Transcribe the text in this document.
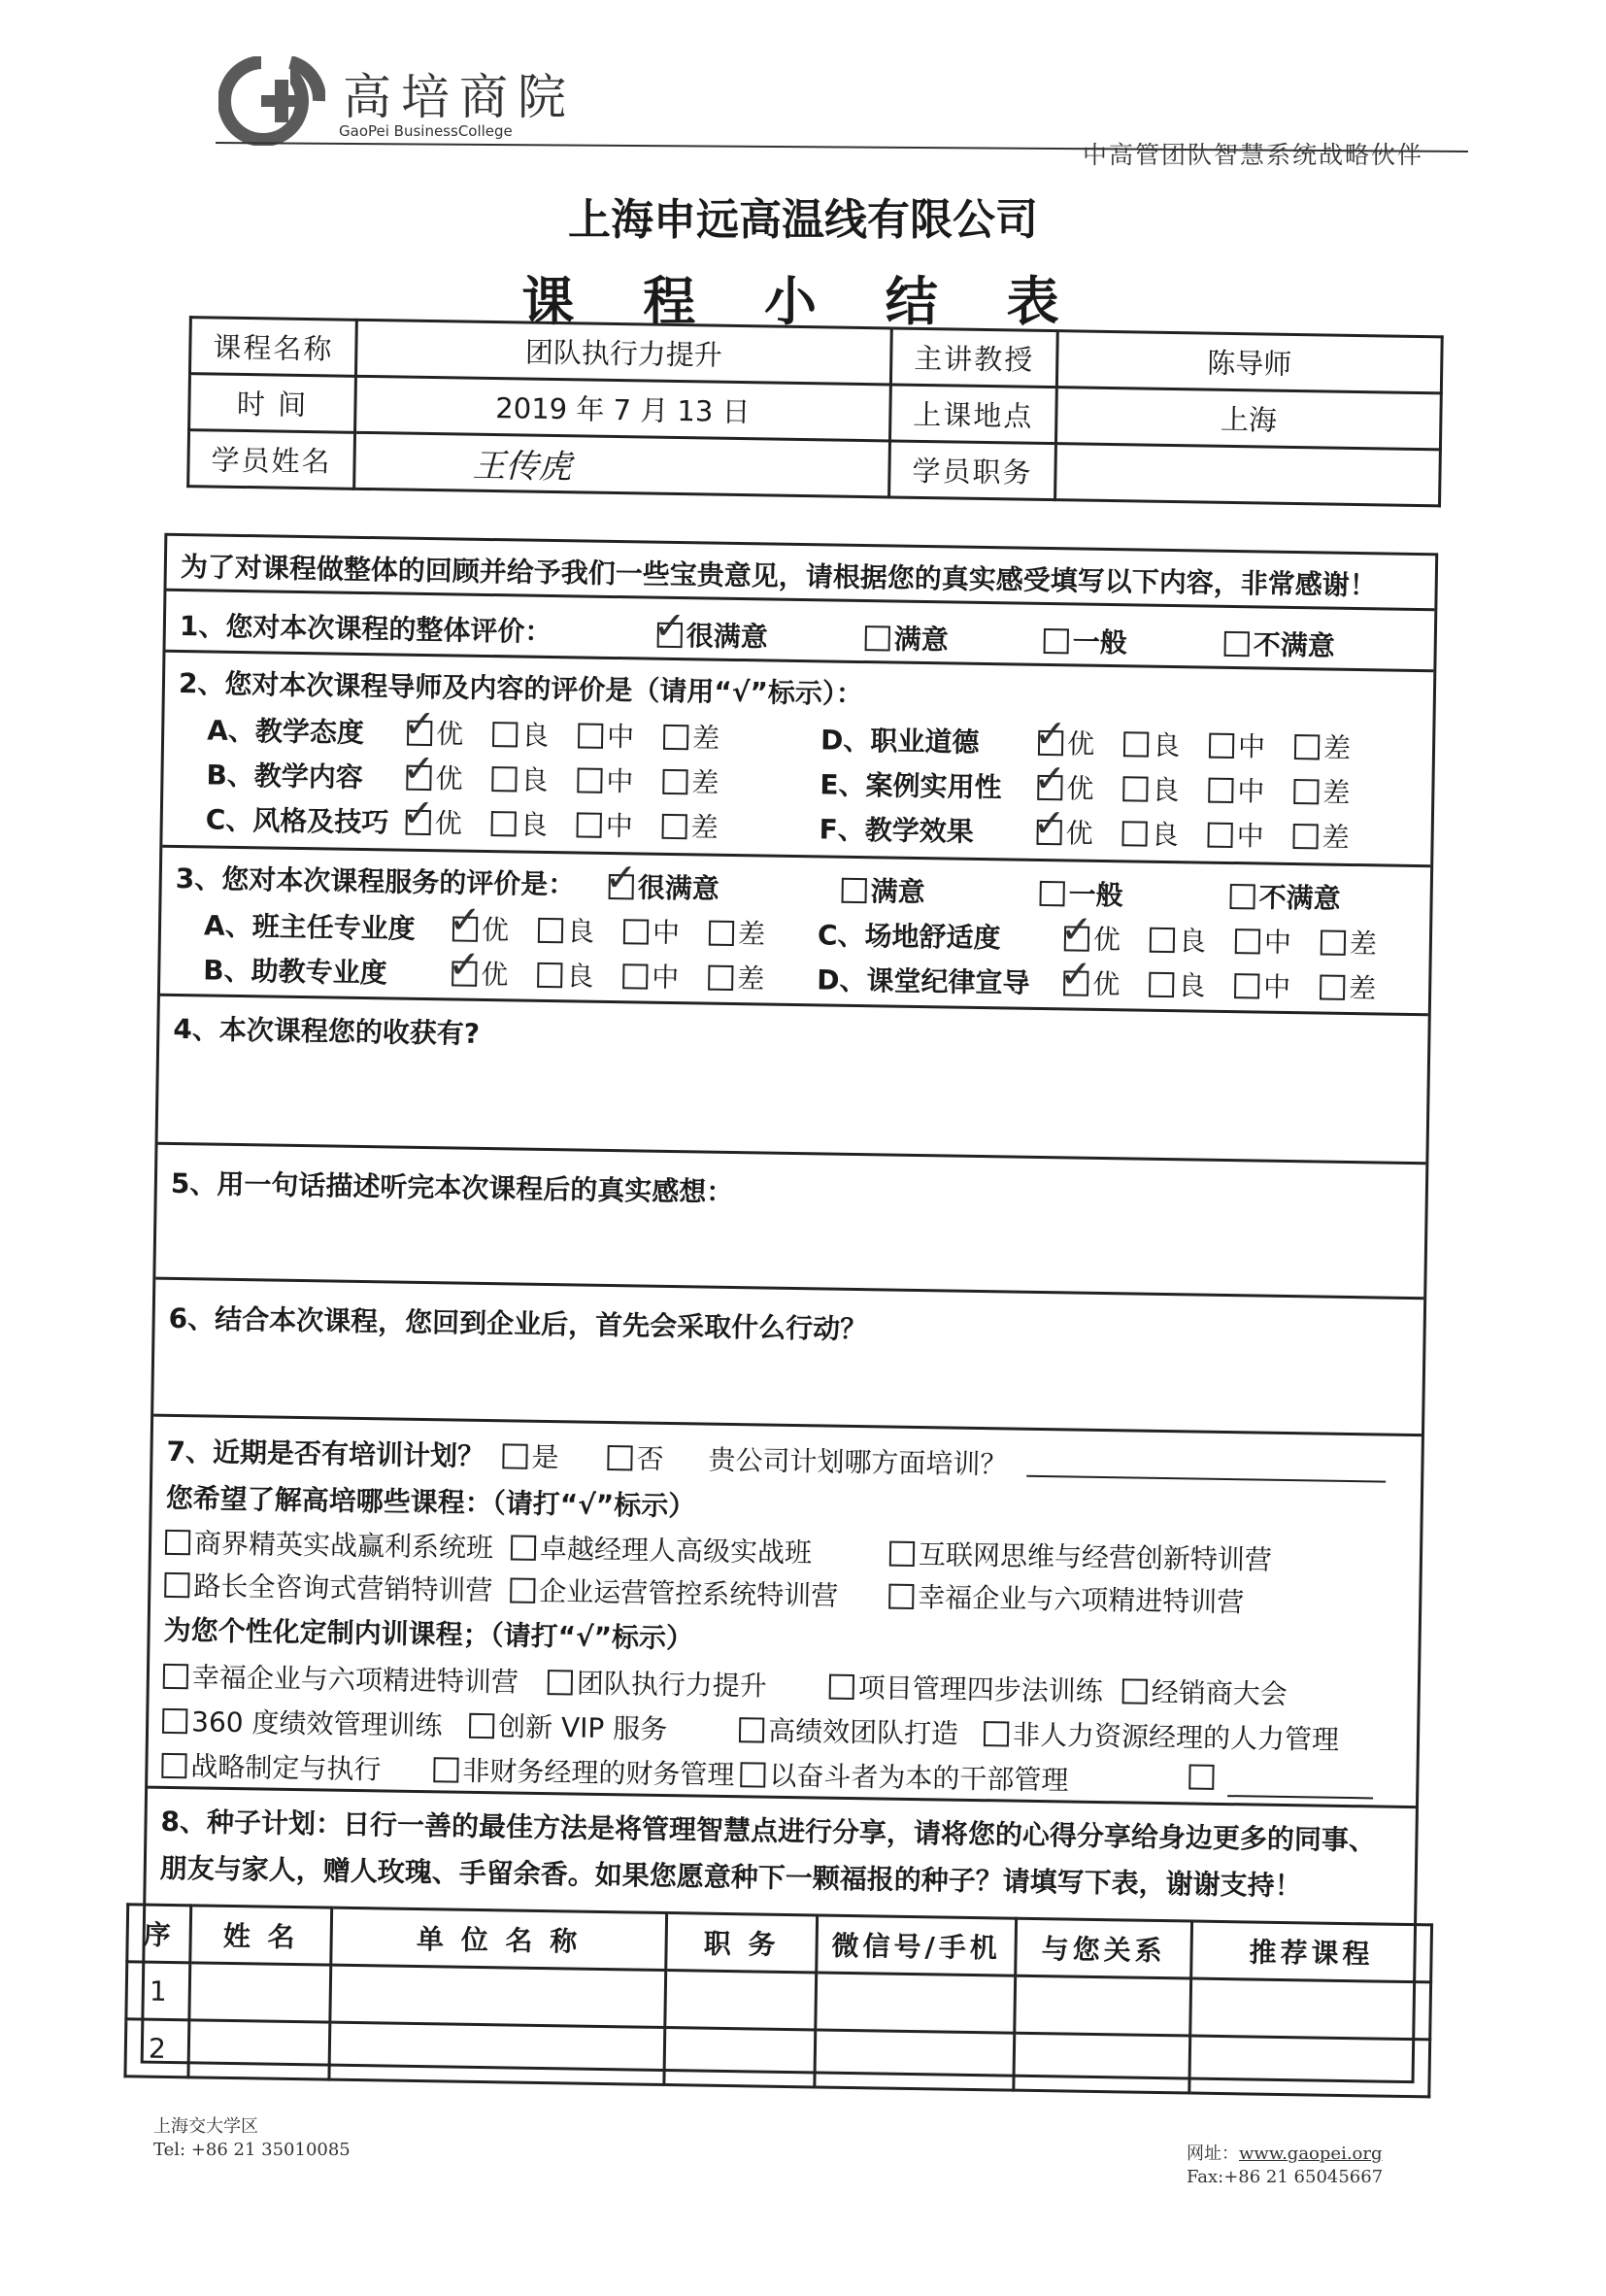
高培商院
GaoPei BusinessCollege
中高管团队智慧系统战略伙伴
上海申远高温线有限公司
课 程 小 结 表
课程名称	团队执行力提升	主讲教授	陈导师
时 间	2019 年 7 月 13 日	上课地点	上海
学员姓名	王传虎	学员职务	
为了对课程做整体的回顾并给予我们一些宝贵意见，请根据您的真实感受填写以下内容，非常感谢！
1、您对本次课程的整体评价：	✓ 很满意	满意	一般	不满意
2、您对本次课程导师及内容的评价是（请用“√”标示）：
A、教学态度 ✓ 优	良	中	差
B、教学内容 ✓ 优	良	中	差
C、风格及技巧 ✓ 优	良	中	差
D、职业道德 ✓ 优	良	中	差
E、案例实用性 ✓ 优	良	中	差
F、教学效果 ✓ 优	良	中	差
3、您对本次课程服务的评价是： ✓ 很满意	满意	一般	不满意
A、班主任专业度 ✓ 优	良	中	差
B、助教专业度 ✓ 优	良	中	差
C、场地舒适度 ✓ 优	良	中	差
D、课堂纪律宣导 ✓ 优	良	中	差
4、本次课程您的收获有?
5、用一句话描述听完本次课程后的真实感想：
6、结合本次课程，您回到企业后，首先会采取什么行动？
7、近期是否有培训计划？	是	否 贵公司计划哪方面培训？
您希望了解高培哪些课程：（请打“√”标示）
商界精英实战赢利系统班	卓越经理人高级实战班	互联网思维与经营创新特训营
路长全咨询式营销特训营	企业运营管控系统特训营	幸福企业与六项精进特训营
为您个性化定制内训课程；（请打“√”标示）
幸福企业与六项精进特训营	团队执行力提升	项目管理四步法训练	经销商大会
360 度绩效管理训练	创新 VIP 服务	高绩效团队打造	非人力资源经理的人力管理
战略制定与执行	非财务经理的财务管理	以奋斗者为本的干部管理
8、种子计划：日行一善的最佳方法是将管理智慧点进行分享，请将您的心得分享给身边更多的同事、
朋友与家人，赠人玫瑰、手留余香。如果您愿意种下一颗福报的种子？请填写下表，谢谢支持！
序	姓 名	单 位 名 称	职 务	微信号/手机	与您关系	推荐课程
1						
2						
上海交大学区
Tel: +86 21 35010085	网址：www.gaopei.org
Fax:+86 21 65045667
